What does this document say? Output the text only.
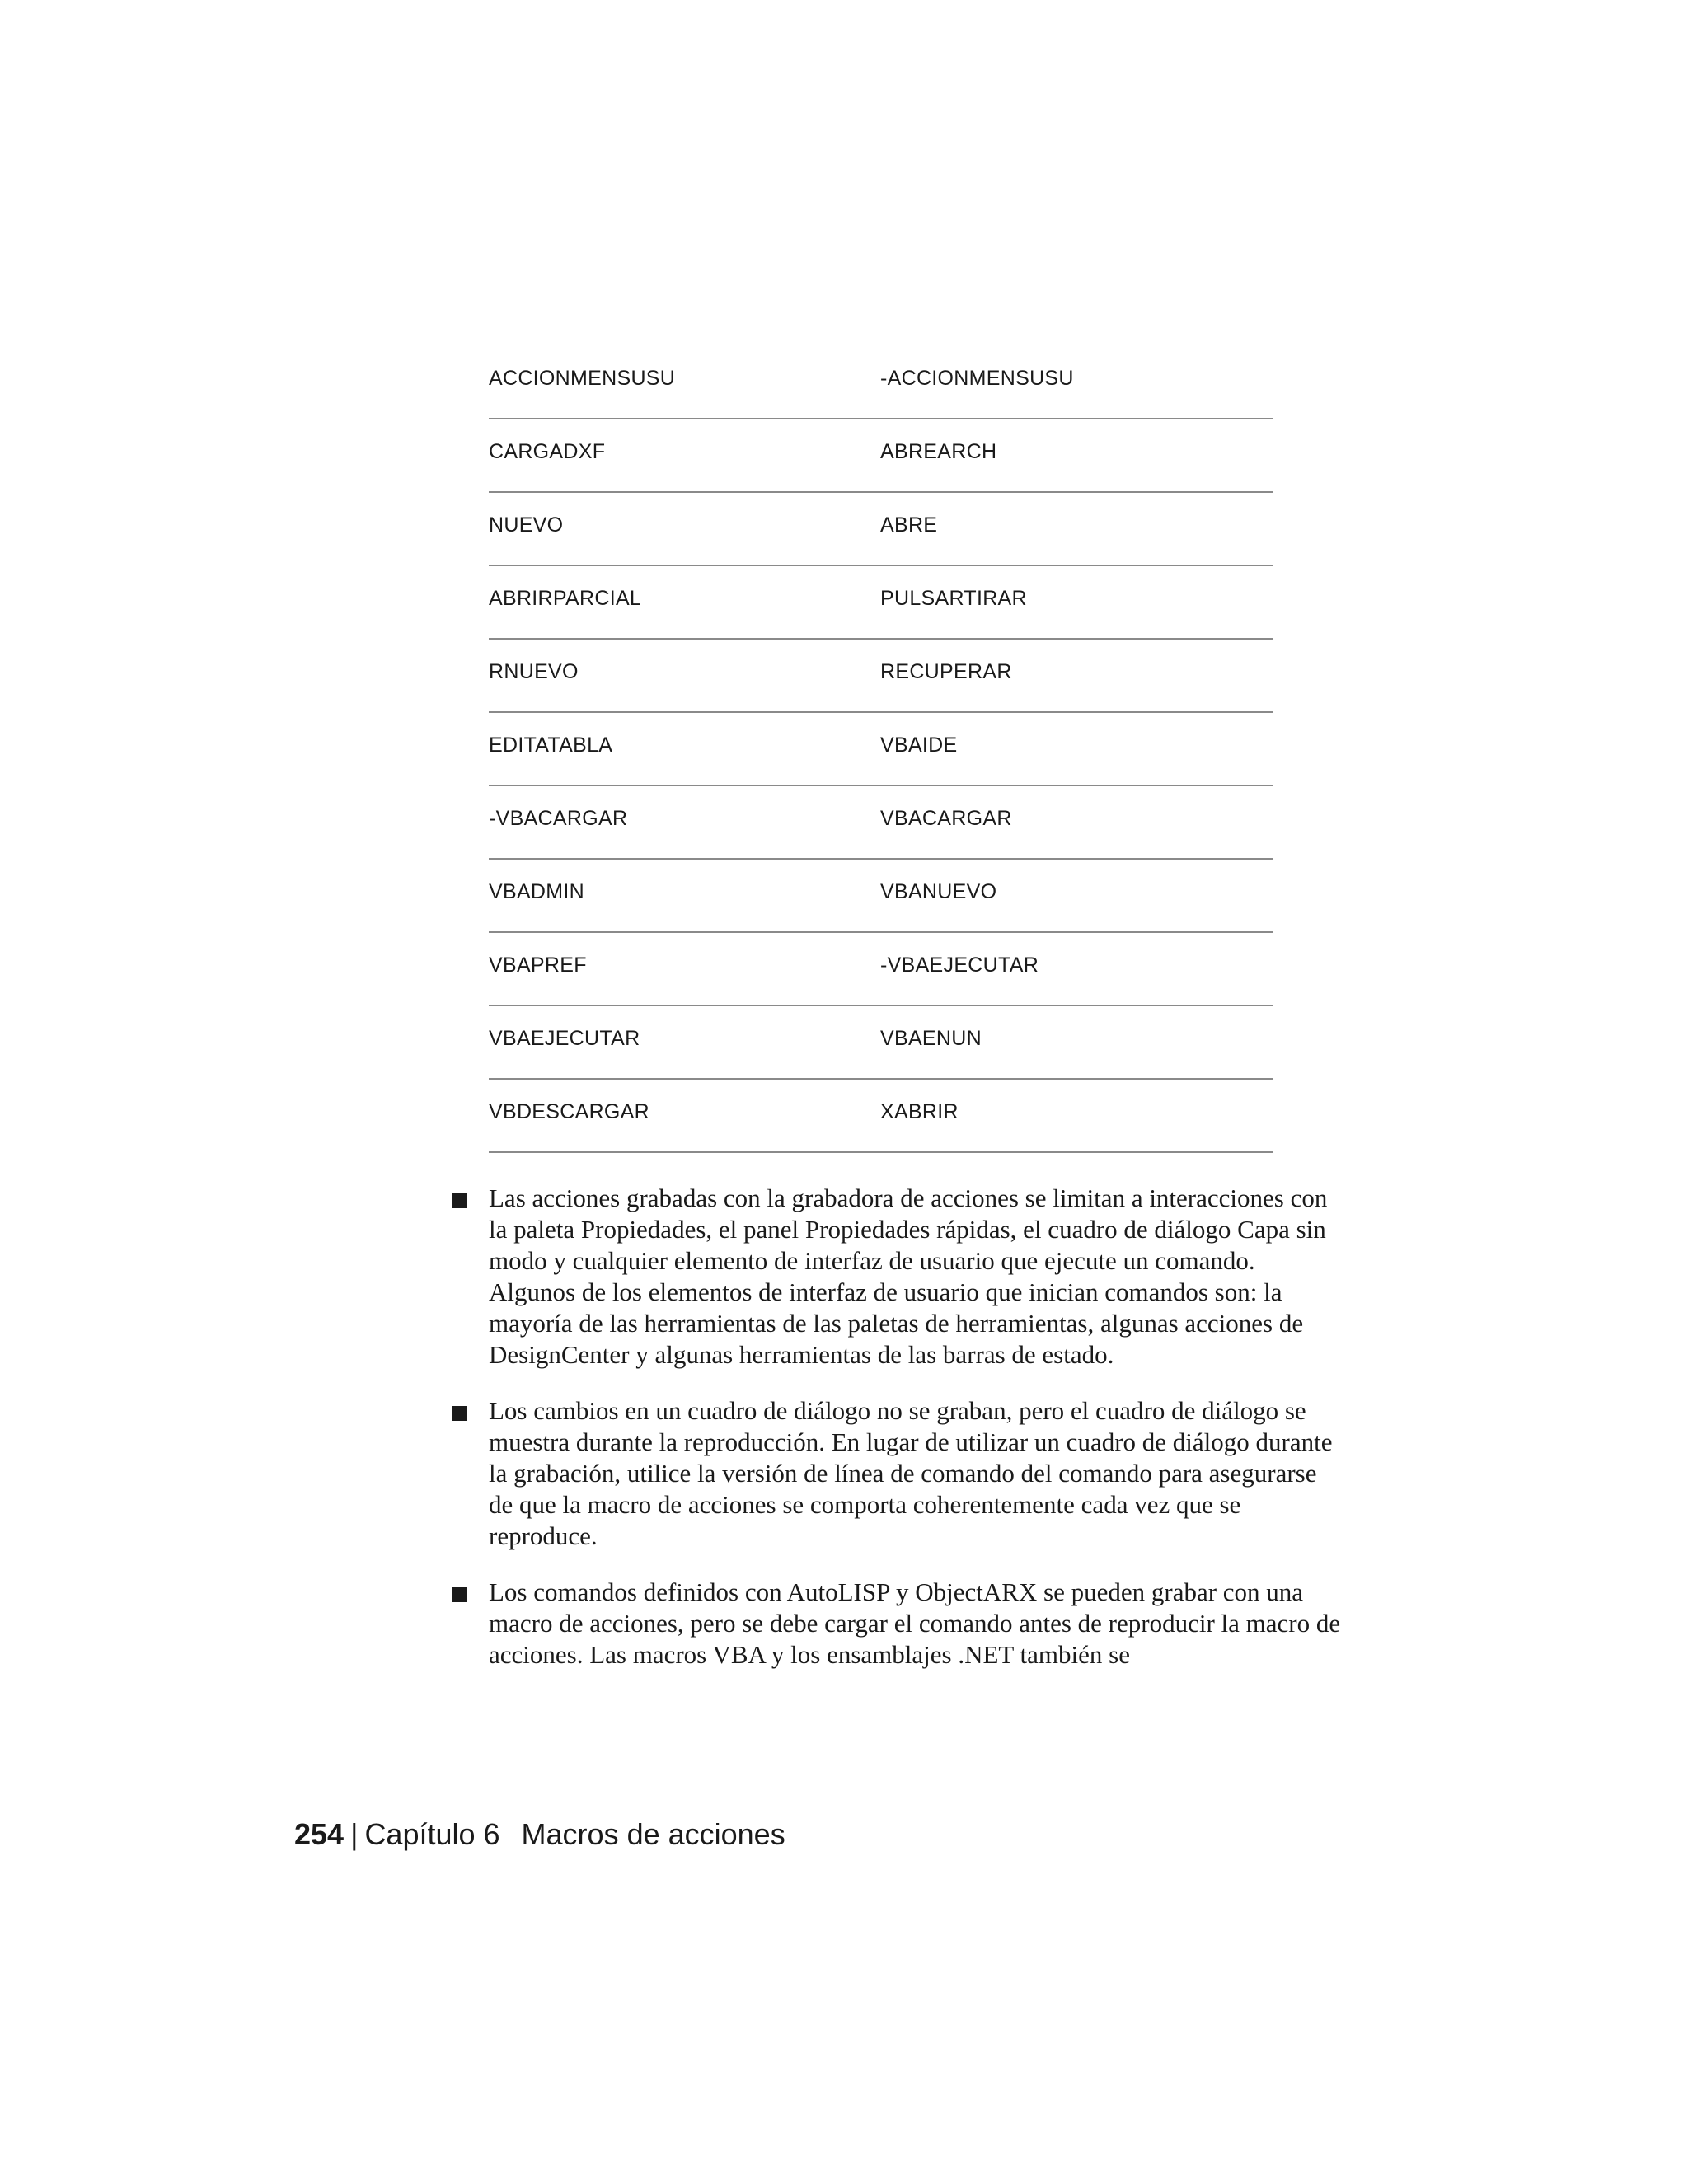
ACCIONMENSUSU	-ACCIONMENSUSU
CARGADXF	ABREARCH
NUEVO	ABRE
ABRIRPARCIAL	PULSARTIRAR
RNUEVO	RECUPERAR
EDITATABLA	VBAIDE
-VBACARGAR	VBACARGAR
VBADMIN	VBANUEVO
VBAPREF	-VBAEJECUTAR
VBAEJECUTAR	VBAENUN
VBDESCARGAR	XABRIR

Las acciones grabadas con la grabadora de acciones se limitan a interacciones con la paleta Propiedades, el panel Propiedades rápidas, el cuadro de diálogo Capa sin modo y cualquier elemento de interfaz de usuario que ejecute un comando.

Algunos de los elementos de interfaz de usuario que inician comandos son: la mayoría de las herramientas de las paletas de herramientas, algunas acciones de DesignCenter y algunas herramientas de las barras de estado.

Los cambios en un cuadro de diálogo no se graban, pero el cuadro de diálogo se muestra durante la reproducción. En lugar de utilizar un cuadro de diálogo durante la grabación, utilice la versión de línea de comando del comando para asegurarse de que la macro de acciones se comporta coherentemente cada vez que se reproduce.

Los comandos definidos con AutoLISP y ObjectARX se pueden grabar con una macro de acciones, pero se debe cargar el comando antes de reproducir la macro de acciones. Las macros VBA y los ensamblajes .NET también se

254 | Capítulo 6 Macros de acciones
